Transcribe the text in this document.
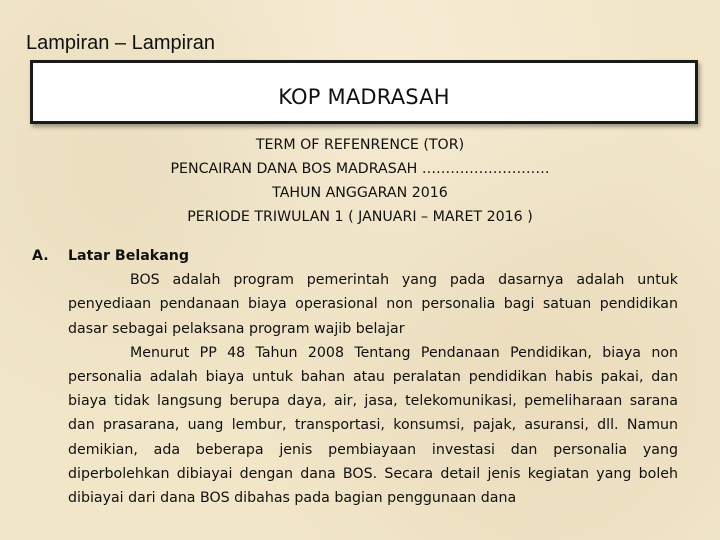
Lampiran – Lampiran
KOP MADRASAH
TERM OF REFENRENCE (TOR)
PENCAIRAN DANA BOS MADRASAH ………………………
TAHUN ANGGARAN 2016
PERIODE TRIWULAN 1 ( JANUARI – MARET 2016 )
A.	Latar Belakang

BOS adalah program pemerintah yang pada dasarnya adalah untuk penyediaan pendanaan biaya operasional non personalia bagi satuan pendidikan dasar sebagai pelaksana program wajib belajar

Menurut PP 48 Tahun 2008 Tentang Pendanaan Pendidikan, biaya non personalia adalah biaya untuk bahan atau peralatan pendidikan habis pakai, dan biaya tidak langsung berupa daya, air, jasa, telekomunikasi, pemeliharaan sarana dan prasarana, uang lembur, transportasi, konsumsi, pajak, asuransi, dll. Namun demikian, ada beberapa jenis pembiayaan investasi dan personalia yang diperbolehkan dibiayai dengan dana BOS. Secara detail jenis kegiatan yang boleh dibiayai dari dana BOS dibahas pada bagian penggunaan dana
